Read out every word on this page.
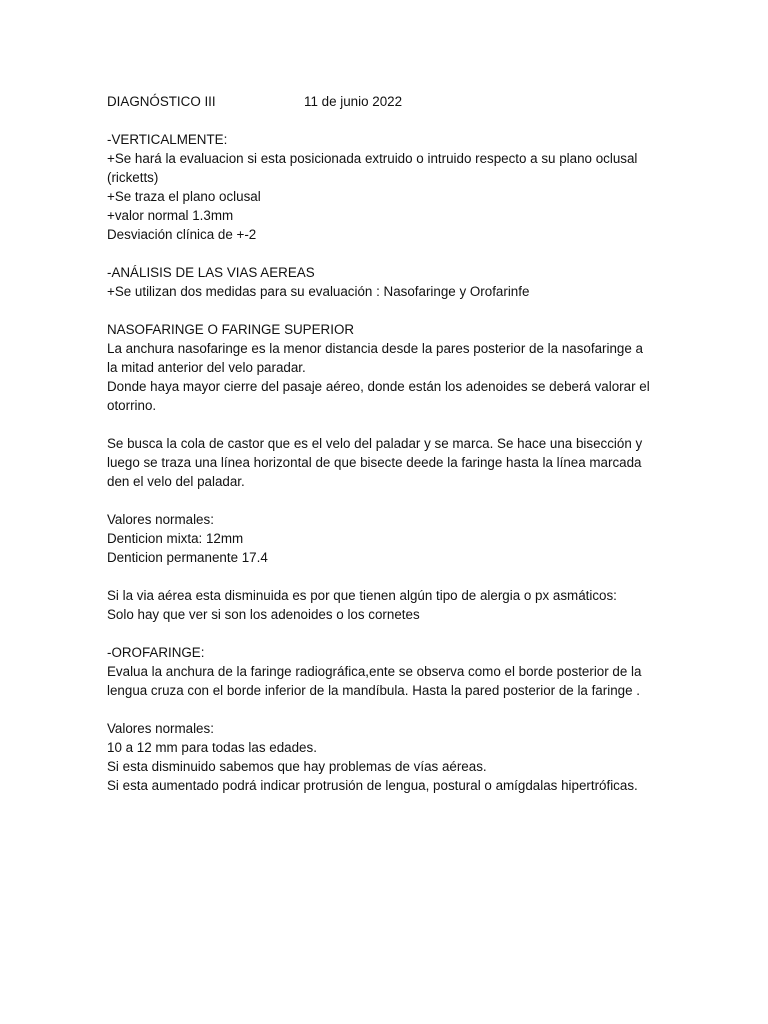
DIAGNÓSTICO III	11 de junio 2022
-VERTICALMENTE:
+Se hará la evaluacion si esta posicionada extruido o intruido respecto a su plano oclusal
(ricketts)
+Se traza el plano oclusal
+valor normal 1.3mm
Desviación clínica de +-2
-ANÁLISIS DE LAS VIAS AEREAS
+Se utilizan dos medidas para su evaluación : Nasofaringe y Orofarinfe
NASOFARINGE O FARINGE SUPERIOR
La anchura nasofaringe es la menor distancia desde la pares posterior de la nasofaringe a
la mitad anterior del velo paradar.
Donde haya mayor cierre del pasaje aéreo, donde están los adenoides se deberá valorar el
otorrino.
Se busca la cola de castor que es el velo del paladar y se marca. Se hace una bisección y
luego se traza una línea horizontal de que bisecte deede la faringe hasta la línea marcada
den el velo del paladar.
Valores normales:
Denticion mixta: 12mm
Denticion permanente 17.4
Si la via aérea esta disminuida es por que tienen algún tipo de alergia o px asmáticos:
Solo hay que ver si son los adenoides o los cornetes
-OROFARINGE:
Evalua la anchura de la faringe radiográfica,ente se observa como el borde posterior de la
lengua cruza con el borde inferior de la mandíbula. Hasta la pared posterior de la faringe .
Valores normales:
10 a 12 mm para todas las edades.
Si esta disminuido sabemos que hay problemas de vías aéreas.
Si esta aumentado podrá indicar protrusión de lengua, postural o amígdalas hipertróficas.
